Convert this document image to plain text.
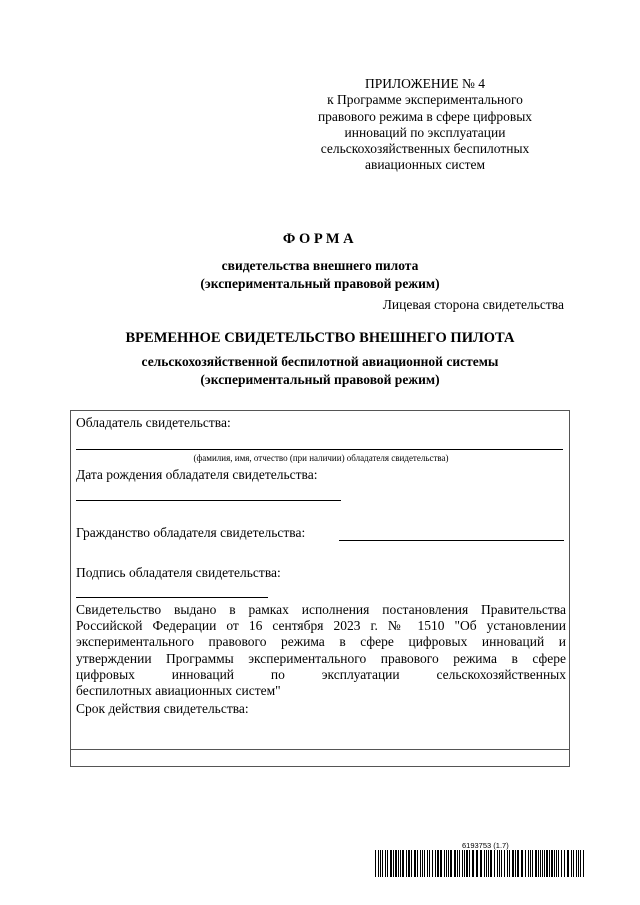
ПРИЛОЖЕНИЕ № 4
к Программе экспериментального
правового режима в сфере цифровых
инноваций по эксплуатации
сельскохозяйственных беспилотных
авиационных систем
ФОРМА
свидетельства внешнего пилота
(экспериментальный правовой режим)
Лицевая сторона свидетельства
ВРЕМЕННОЕ СВИДЕТЕЛЬСТВО ВНЕШНЕГО ПИЛОТА
сельскохозяйственной беспилотной авиационной системы
(экспериментальный правовой режим)
Обладатель свидетельства:
(фамилия, имя, отчество (при наличии) обладателя свидетельства)
Дата рождения обладателя свидетельства:
Гражданство обладателя свидетельства:
Подпись обладателя свидетельства:
Свидетельство выдано в рамках исполнения постановления Правительства
Российской Федерации от 16 сентября 2023 г. № 1510 "Об установлении
экспериментального правового режима в сфере цифровых инноваций и
утверждении Программы экспериментального правового режима в сфере
цифровых инноваций по эксплуатации сельскохозяйственных
беспилотных авиационных систем"
Срок действия свидетельства:
6193753 (1.7)
